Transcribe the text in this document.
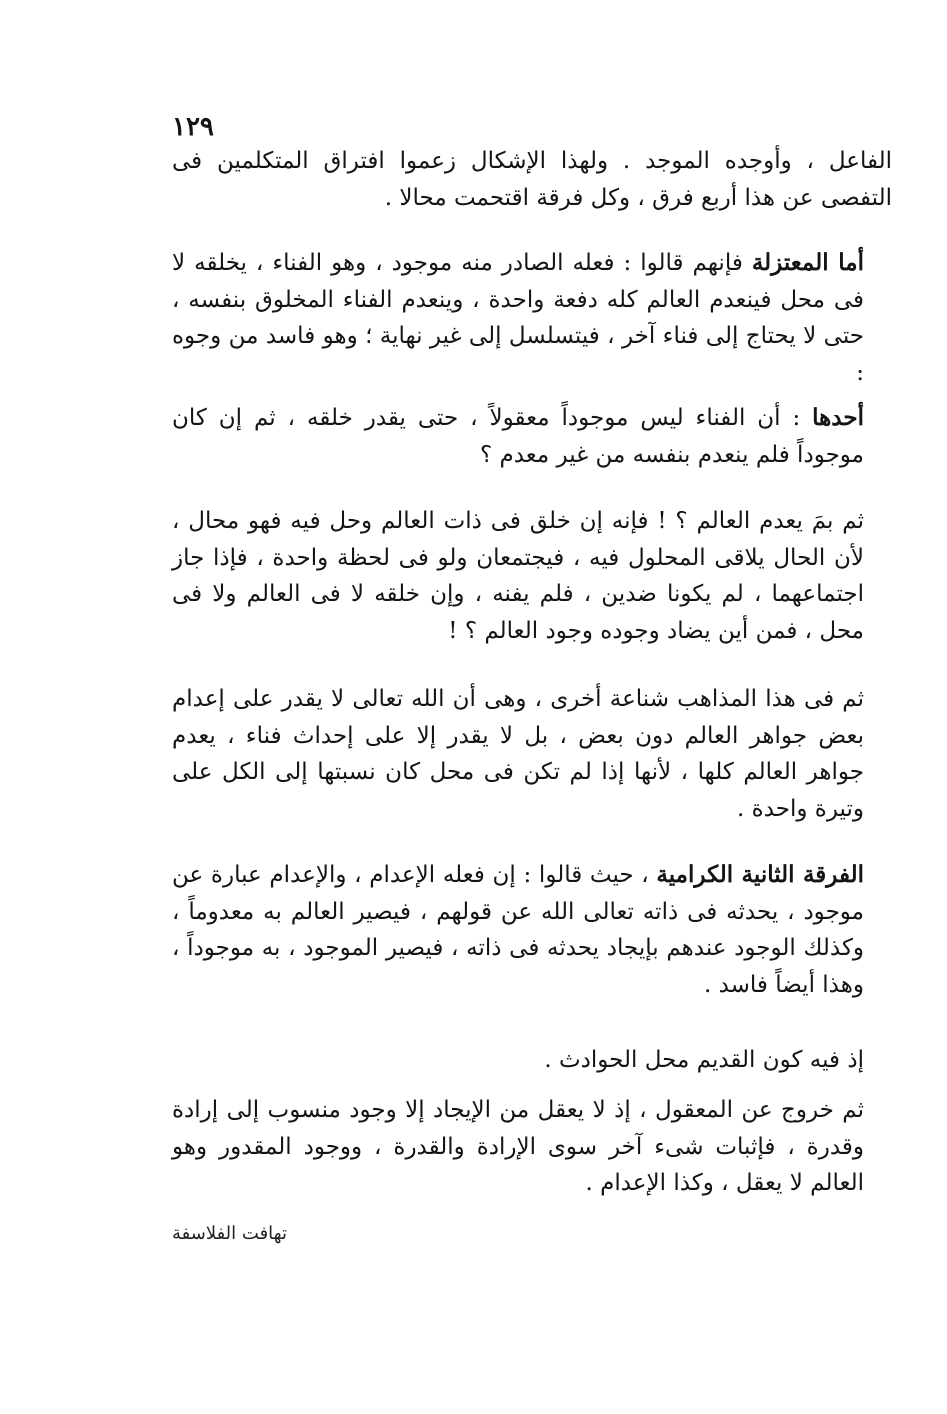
١٢٩

الفاعل ، وأوجده الموجد . ولهذا الإشكال زعموا افتراق المتكلمين فى التفصى عن هذا أربع فرق ، وكل فرقة اقتحمت محالا .

أما المعتزلة فإنهم قالوا : فعله الصادر منه موجود ، وهو الفناء ، يخلقه لا فى محل فينعدم العالم كله دفعة واحدة ، وينعدم الفناء المخلوق بنفسه ، حتى لا يحتاج إلى فناء آخر ، فيتسلسل إلى غير نهاية ؛ وهو فاسد من وجوه :

أحدها : أن الفناء ليس موجوداً معقولاً ، حتى يقدر خلقه ، ثم إن كان موجوداً فلم ينعدم بنفسه من غير معدم ؟

ثم بمَ يعدم العالم ؟ ! فإنه إن خلق فى ذات العالم وحل فيه فهو محال ، لأن الحال يلاقى المحلول فيه ، فيجتمعان ولو فى لحظة واحدة ، فإذا جاز اجتماعهما ، لم يكونا ضدين ، فلم يفنه ، وإن خلقه لا فى العالم ولا فى محل ، فمن أين يضاد وجوده وجود العالم ؟ !

ثم فى هذا المذاهب شناعة أخرى ، وهى أن الله تعالى لا يقدر على إعدام بعض جواهر العالم دون بعض ، بل لا يقدر إلا على إحداث فناء ، يعدم جواهر العالم كلها ، لأنها إذا لم تكن فى محل كان نسبتها إلى الكل على وتيرة واحدة .

الفرقة الثانية الكرامية ، حيث قالوا : إن فعله الإعدام ، والإعدام عبارة عن موجود ، يحدثه فى ذاته تعالى الله عن قولهم ، فيصير العالم به معدوماً ، وكذلك الوجود عندهم بإيجاد يحدثه فى ذاته ، فيصير الموجود ، به موجوداً ، وهذا أيضاً فاسد .

إذ فيه كون القديم محل الحوادث .

ثم خروج عن المعقول ، إذ لا يعقل من الإيجاد إلا وجود منسوب إلى إرادة وقدرة ، فإثبات شىء آخر سوى الإرادة والقدرة ، ووجود المقدور وهو العالم لا يعقل ، وكذا الإعدام .

تهافت الفلاسفة
